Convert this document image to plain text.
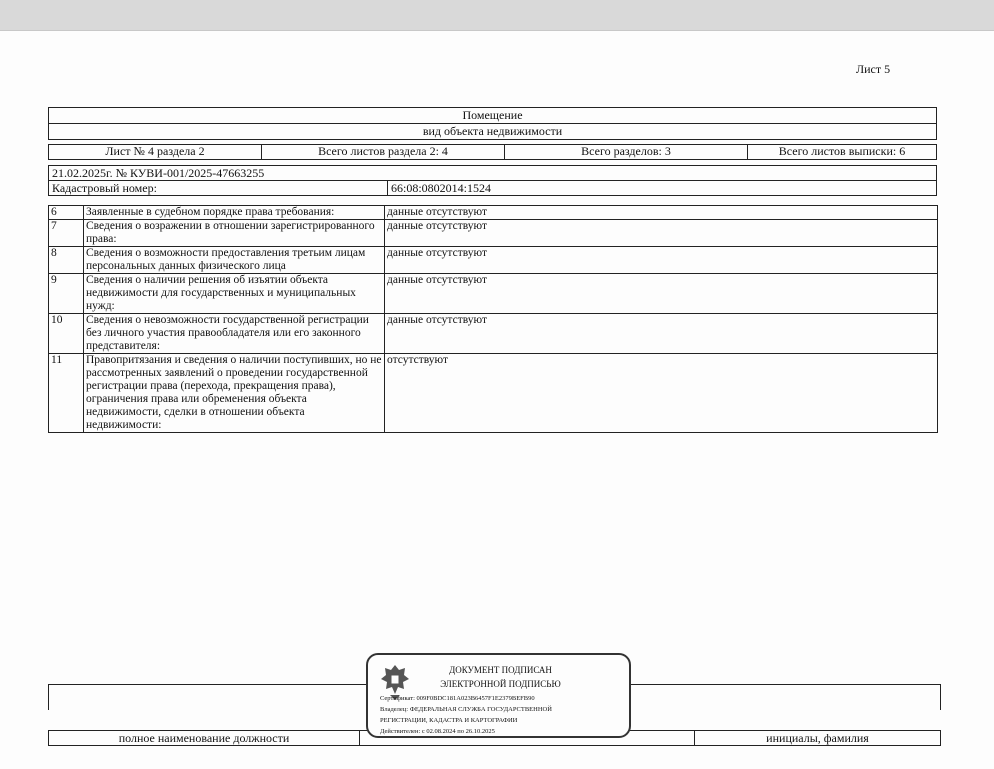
Лист 5
Помещение
вид объекта недвижимости
Лист № 4 раздела 2	Всего листов раздела 2: 4	Всего разделов: 3	Всего листов выписки: 6
21.02.2025г. № КУВИ-001/2025-47663255
Кадастровый номер:	66:08:0802014:1524
6	Заявленные в судебном порядке права требования:	данные отсутствуют
7	Сведения о возражении в отношении зарегистрированного права:	данные отсутствуют
8	Сведения о возможности предоставления третьим лицам персональных данных физического лица	данные отсутствуют
9	Сведения о наличии решения об изъятии объекта недвижимости для государственных и муниципальных нужд:	данные отсутствуют
10	Сведения о невозможности государственной регистрации без личного участия правообладателя или его законного представителя:	данные отсутствуют
11	Правопритязания и сведения о наличии поступивших, но не рассмотренных заявлений о проведении государственной регистрации права (перехода, прекращения права), ограничения права или обременения объекта недвижимости, сделки в отношении объекта недвижимости:	отсутствуют
полное наименование должности	инициалы, фамилия
ДОКУМЕНТ ПОДПИСАН
ЭЛЕКТРОННОЙ ПОДПИСЬЮ
Сертификат: 009F0BDC181A023B6457F1E2379BEFB90
Владелец: ФЕДЕРАЛЬНАЯ СЛУЖБА ГОСУДАРСТВЕННОЙ
РЕГИСТРАЦИИ, КАДАСТРА И КАРТОГРАФИИ
Действителен: с 02.08.2024 по 26.10.2025
